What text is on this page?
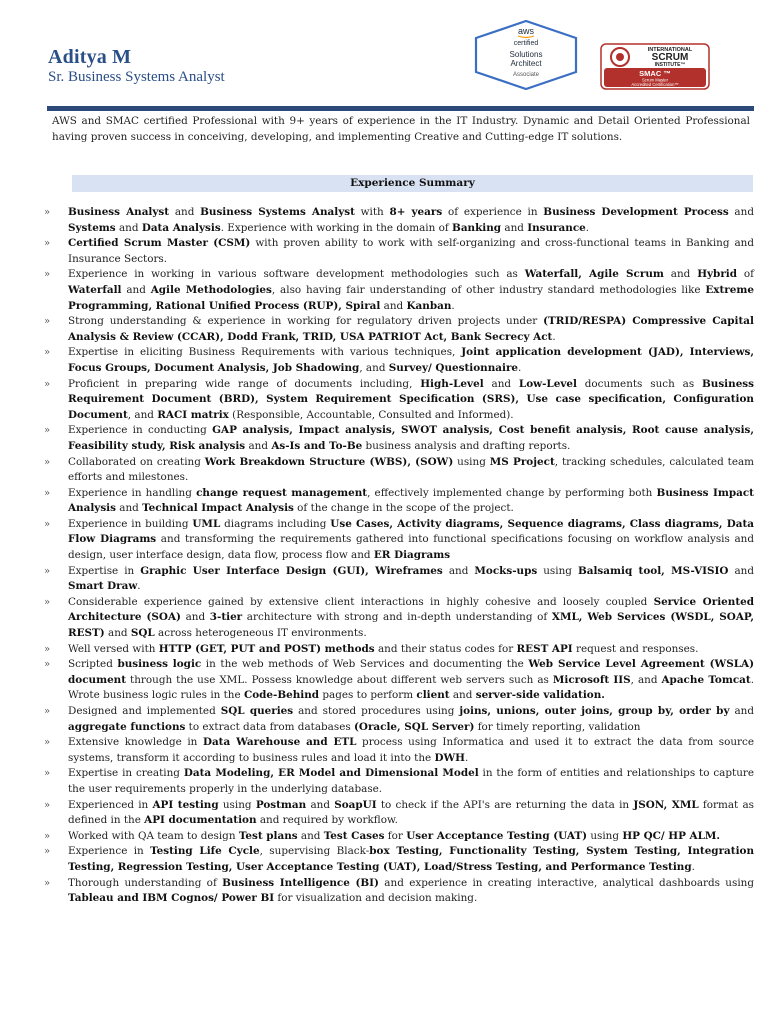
Aditya M
Sr. Business Systems Analyst
aws
certified
Solutions
Architect
Associate
INTERNATIONAL
SCRUM
INSTITUTE™
SMAC ™
Scrum Master
Accredited Certification™
AWS and SMAC certified Professional with 9+ years of experience in the IT Industry. Dynamic and Detail Oriented Professional having proven success in conceiving, developing, and implementing Creative and Cutting-edge IT solutions.
Experience Summary
» Business Analyst and Business Systems Analyst with 8+ years of experience in Business Development Process and Systems and Data Analysis. Experience with working in the domain of Banking and Insurance.
» Certified Scrum Master (CSM) with proven ability to work with self-organizing and cross-functional teams in Banking and Insurance Sectors.
» Experience in working in various software development methodologies such as Waterfall, Agile Scrum and Hybrid of Waterfall and Agile Methodologies, also having fair understanding of other industry standard methodologies like Extreme Programming, Rational Unified Process (RUP), Spiral and Kanban.
» Strong understanding & experience in working for regulatory driven projects under (TRID/RESPA) Compressive Capital Analysis & Review (CCAR), Dodd Frank, TRID, USA PATRIOT Act, Bank Secrecy Act.
» Expertise in eliciting Business Requirements with various techniques, Joint application development (JAD), Interviews, Focus Groups, Document Analysis, Job Shadowing, and Survey/ Questionnaire.
» Proficient in preparing wide range of documents including, High-Level and Low-Level documents such as Business Requirement Document (BRD), System Requirement Specification (SRS), Use case specification, Configuration Document, and RACI matrix (Responsible, Accountable, Consulted and Informed).
» Experience in conducting GAP analysis, Impact analysis, SWOT analysis, Cost benefit analysis, Root cause analysis, Feasibility study, Risk analysis and As-Is and To-Be business analysis and drafting reports.
» Collaborated on creating Work Breakdown Structure (WBS), (SOW) using MS Project, tracking schedules, calculated team efforts and milestones.
» Experience in handling change request management, effectively implemented change by performing both Business Impact Analysis and Technical Impact Analysis of the change in the scope of the project.
» Experience in building UML diagrams including Use Cases, Activity diagrams, Sequence diagrams, Class diagrams, Data Flow Diagrams and transforming the requirements gathered into functional specifications focusing on workflow analysis and design, user interface design, data flow, process flow and ER Diagrams
» Expertise in Graphic User Interface Design (GUI), Wireframes and Mocks-ups using Balsamiq tool, MS-VISIO and Smart Draw.
» Considerable experience gained by extensive client interactions in highly cohesive and loosely coupled Service Oriented Architecture (SOA) and 3-tier architecture with strong and in-depth understanding of XML, Web Services (WSDL, SOAP, REST) and SQL across heterogeneous IT environments.
» Well versed with HTTP (GET, PUT and POST) methods and their status codes for REST API request and responses.
» Scripted business logic in the web methods of Web Services and documenting the Web Service Level Agreement (WSLA) document through the use XML. Possess knowledge about different web servers such as Microsoft IIS, and Apache Tomcat. Wrote business logic rules in the Code-Behind pages to perform client and server-side validation.
» Designed and implemented SQL queries and stored procedures using joins, unions, outer joins, group by, order by and aggregate functions to extract data from databases (Oracle, SQL Server) for timely reporting, validation
» Extensive knowledge in Data Warehouse and ETL process using Informatica and used it to extract the data from source systems, transform it according to business rules and load it into the DWH.
» Expertise in creating Data Modeling, ER Model and Dimensional Model in the form of entities and relationships to capture the user requirements properly in the underlying database.
» Experienced in API testing using Postman and SoapUI to check if the API's are returning the data in JSON, XML format as defined in the API documentation and required by workflow.
» Worked with QA team to design Test plans and Test Cases for User Acceptance Testing (UAT) using HP QC/ HP ALM.
» Experience in Testing Life Cycle, supervising Black-box Testing, Functionality Testing, System Testing, Integration Testing, Regression Testing, User Acceptance Testing (UAT), Load/Stress Testing, and Performance Testing.
» Thorough understanding of Business Intelligence (BI) and experience in creating interactive, analytical dashboards using Tableau and IBM Cognos/ Power BI for visualization and decision making.
